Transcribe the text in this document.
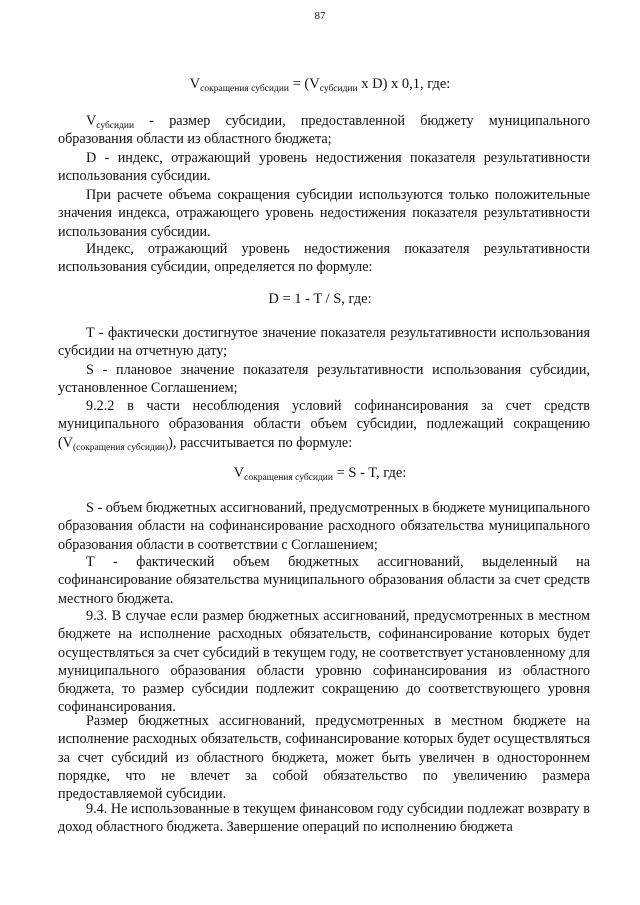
87
$V_{сокращения субсидии} = (V_{субсидии}$ x D) x 0,1, где:

$V_{субсидии}$ - размер субсидии, предоставленной бюджету муниципального образования области из областного бюджета;

D - индекс, отражающий уровень недостижения показателя результативности использования субсидии.

При расчете объема сокращения субсидии используются только положительные значения индекса, отражающего уровень недостижения показателя результативности использования субсидии.

Индекс, отражающий уровень недостижения показателя результативности использования субсидии, определяется по формуле:

D = 1 - T / S, где:

T - фактически достигнутое значение показателя результативности использования субсидии на отчетную дату;

S - плановое значение показателя результативности использования субсидии, установленное Соглашением;

9.2.2 в части несоблюдения условий софинансирования за счет средств муниципального образования области объем субсидии, подлежащий сокращению $(V_{(сокращения субсидии)})$, рассчитывается по формуле:

$V_{сокращения субсидии} = S - T$, где:

S - объем бюджетных ассигнований, предусмотренных в бюджете муниципального образования области на софинансирование расходного обязательства муниципального образования области в соответствии с Соглашением;

T - фактический объем бюджетных ассигнований, выделенный на софинансирование обязательства муниципального образования области за счет средств местного бюджета.

9.3. В случае если размер бюджетных ассигнований, предусмотренных в местном бюджете на исполнение расходных обязательств, софинансирование которых будет осуществляться за счет субсидий в текущем году, не соответствует установленному для муниципального образования области уровню софинансирования из областного бюджета, то размер субсидии подлежит сокращению до соответствующего уровня софинансирования.

Размер бюджетных ассигнований, предусмотренных в местном бюджете на исполнение расходных обязательств, софинансирование которых будет осуществляться за счет субсидий из областного бюджета, может быть увеличен в одностороннем порядке, что не влечет за собой обязательство по увеличению размера предоставляемой субсидии.

9.4. Не использованные в текущем финансовом году субсидии подлежат возврату в доход областного бюджета. Завершение операций по исполнению бюджета
